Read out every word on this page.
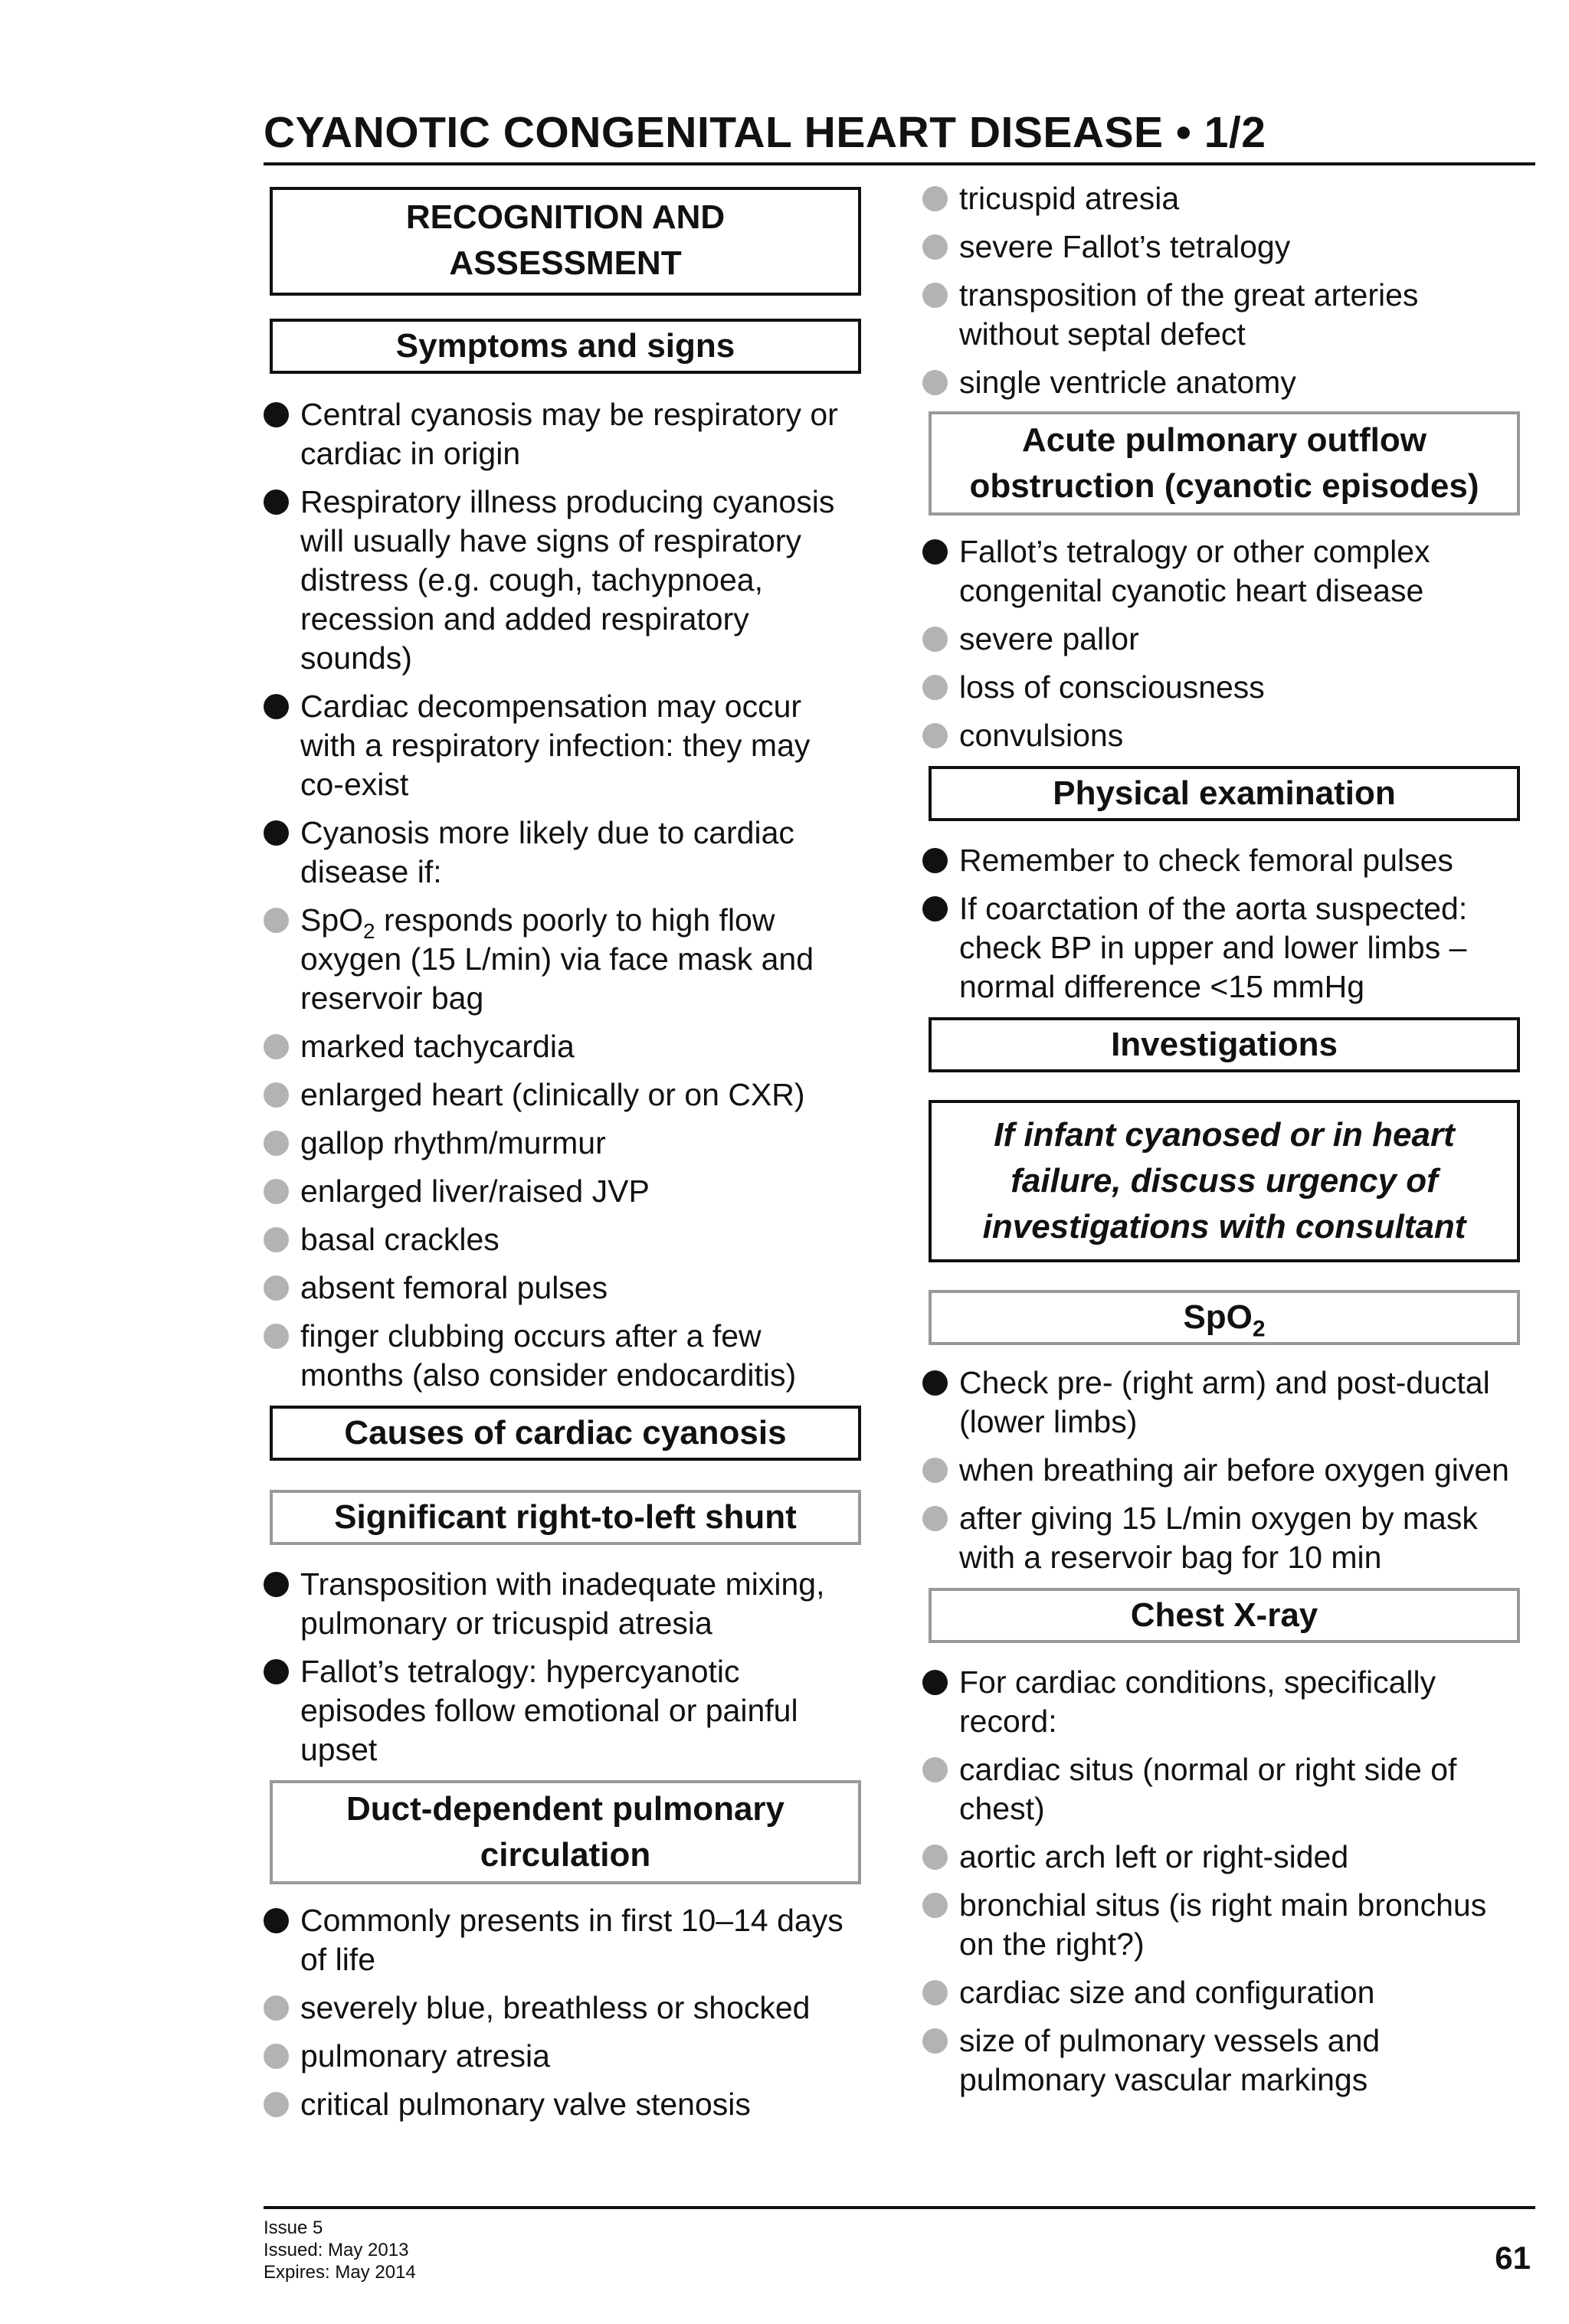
CYANOTIC CONGENITAL HEART DISEASE • 1/2
RECOGNITION AND
ASSESSMENT
Symptoms and signs
Central cyanosis may be respiratory or cardiac in origin
Respiratory illness producing cyanosis will usually have signs of respiratory distress (e.g. cough, tachypnoea, recession and added respiratory sounds)
Cardiac decompensation may occur with a respiratory infection: they may co-exist
Cyanosis more likely due to cardiac disease if:
SpO$_2$ responds poorly to high flow oxygen (15 L/min) via face mask and reservoir bag
marked tachycardia
enlarged heart (clinically or on CXR)
gallop rhythm/murmur
enlarged liver/raised JVP
basal crackles
absent femoral pulses
finger clubbing occurs after a few months (also consider endocarditis)
Causes of cardiac cyanosis
Significant right-to-left shunt
Transposition with inadequate mixing, pulmonary or tricuspid atresia
Fallot’s tetralogy: hypercyanotic episodes follow emotional or painful upset
Duct-dependent pulmonary
circulation
Commonly presents in first 10–14 days of life
severely blue, breathless or shocked
pulmonary atresia
critical pulmonary valve stenosis
tricuspid atresia
severe Fallot’s tetralogy
transposition of the great arteries without septal defect
single ventricle anatomy
Acute pulmonary outflow
obstruction (cyanotic episodes)
Fallot’s tetralogy or other complex congenital cyanotic heart disease
severe pallor
loss of consciousness
convulsions
Physical examination
Remember to check femoral pulses
If coarctation of the aorta suspected: check BP in upper and lower limbs – normal difference <15 mmHg
Investigations
If infant cyanosed or in heart
failure, discuss urgency of
investigations with consultant
SpO$_2$
Check pre- (right arm) and post-ductal (lower limbs)
when breathing air before oxygen given
after giving 15 L/min oxygen by mask with a reservoir bag for 10 min
Chest X-ray
For cardiac conditions, specifically record:
cardiac situs (normal or right side of chest)
aortic arch left or right-sided
bronchial situs (is right main bronchus on the right?)
cardiac size and configuration
size of pulmonary vessels and pulmonary vascular markings
Issue 5
Issued: May 2013
Expires: May 2014	61
